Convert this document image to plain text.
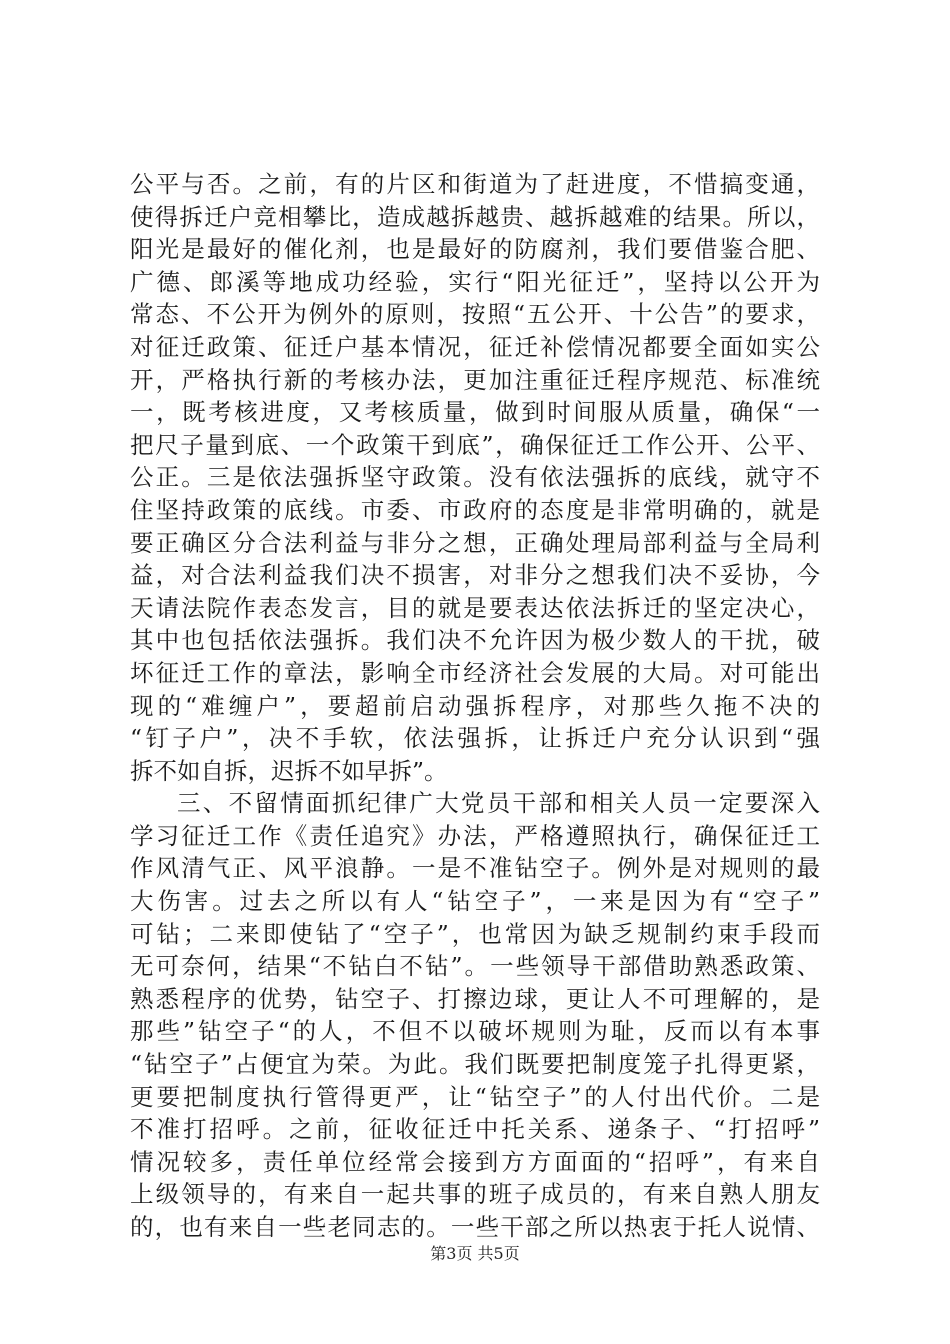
公平与否。之前，有的片区和街道为了赶进度，不惜搞变通，
使得拆迁户竞相攀比，造成越拆越贵、越拆越难的结果。所以，
阳光是最好的催化剂，也是最好的防腐剂，我们要借鉴合肥、
广德、郎溪等地成功经验，实行“阳光征迁”，坚持以公开为
常态、不公开为例外的原则，按照“五公开、十公告”的要求，
对征迁政策、征迁户基本情况，征迁补偿情况都要全面如实公
开，严格执行新的考核办法，更加注重征迁程序规范、标准统
一，既考核进度，又考核质量，做到时间服从质量，确保“一
把尺子量到底、一个政策干到底”，确保征迁工作公开、公平、
公正。三是依法强拆坚守政策。没有依法强拆的底线，就守不
住坚持政策的底线。市委、市政府的态度是非常明确的，就是
要正确区分合法利益与非分之想，正确处理局部利益与全局利
益，对合法利益我们决不损害，对非分之想我们决不妥协，今
天请法院作表态发言，目的就是要表达依法拆迁的坚定决心，
其中也包括依法强拆。我们决不允许因为极少数人的干扰，破
坏征迁工作的章法，影响全市经济社会发展的大局。对可能出
现的“难缠户”，要超前启动强拆程序，对那些久拖不决的
“钉子户”，决不手软，依法强拆，让拆迁户充分认识到“强
拆不如自拆，迟拆不如早拆”。
三、不留情面抓纪律广大党员干部和相关人员一定要深入
学习征迁工作《责任追究》办法，严格遵照执行，确保征迁工
作风清气正、风平浪静。一是不准钻空子。例外是对规则的最
大伤害。过去之所以有人“钻空子”，一来是因为有“空子”
可钻；二来即使钻了“空子”，也常因为缺乏规制约束手段而
无可奈何，结果“不钻白不钻”。一些领导干部借助熟悉政策、
熟悉程序的优势，钻空子、打擦边球，更让人不可理解的，是
那些”钻空子“的人，不但不以破坏规则为耻，反而以有本事
“钻空子”占便宜为荣。为此。我们既要把制度笼子扎得更紧，
更要把制度执行管得更严，让“钻空子”的人付出代价。二是
不准打招呼。之前，征收征迁中托关系、递条子、“打招呼”
情况较多，责任单位经常会接到方方面面的“招呼”，有来自
上级领导的，有来自一起共事的班子成员的，有来自熟人朋友
的，也有来自一些老同志的。一些干部之所以热衷于托人说情、
第3页 共5页
